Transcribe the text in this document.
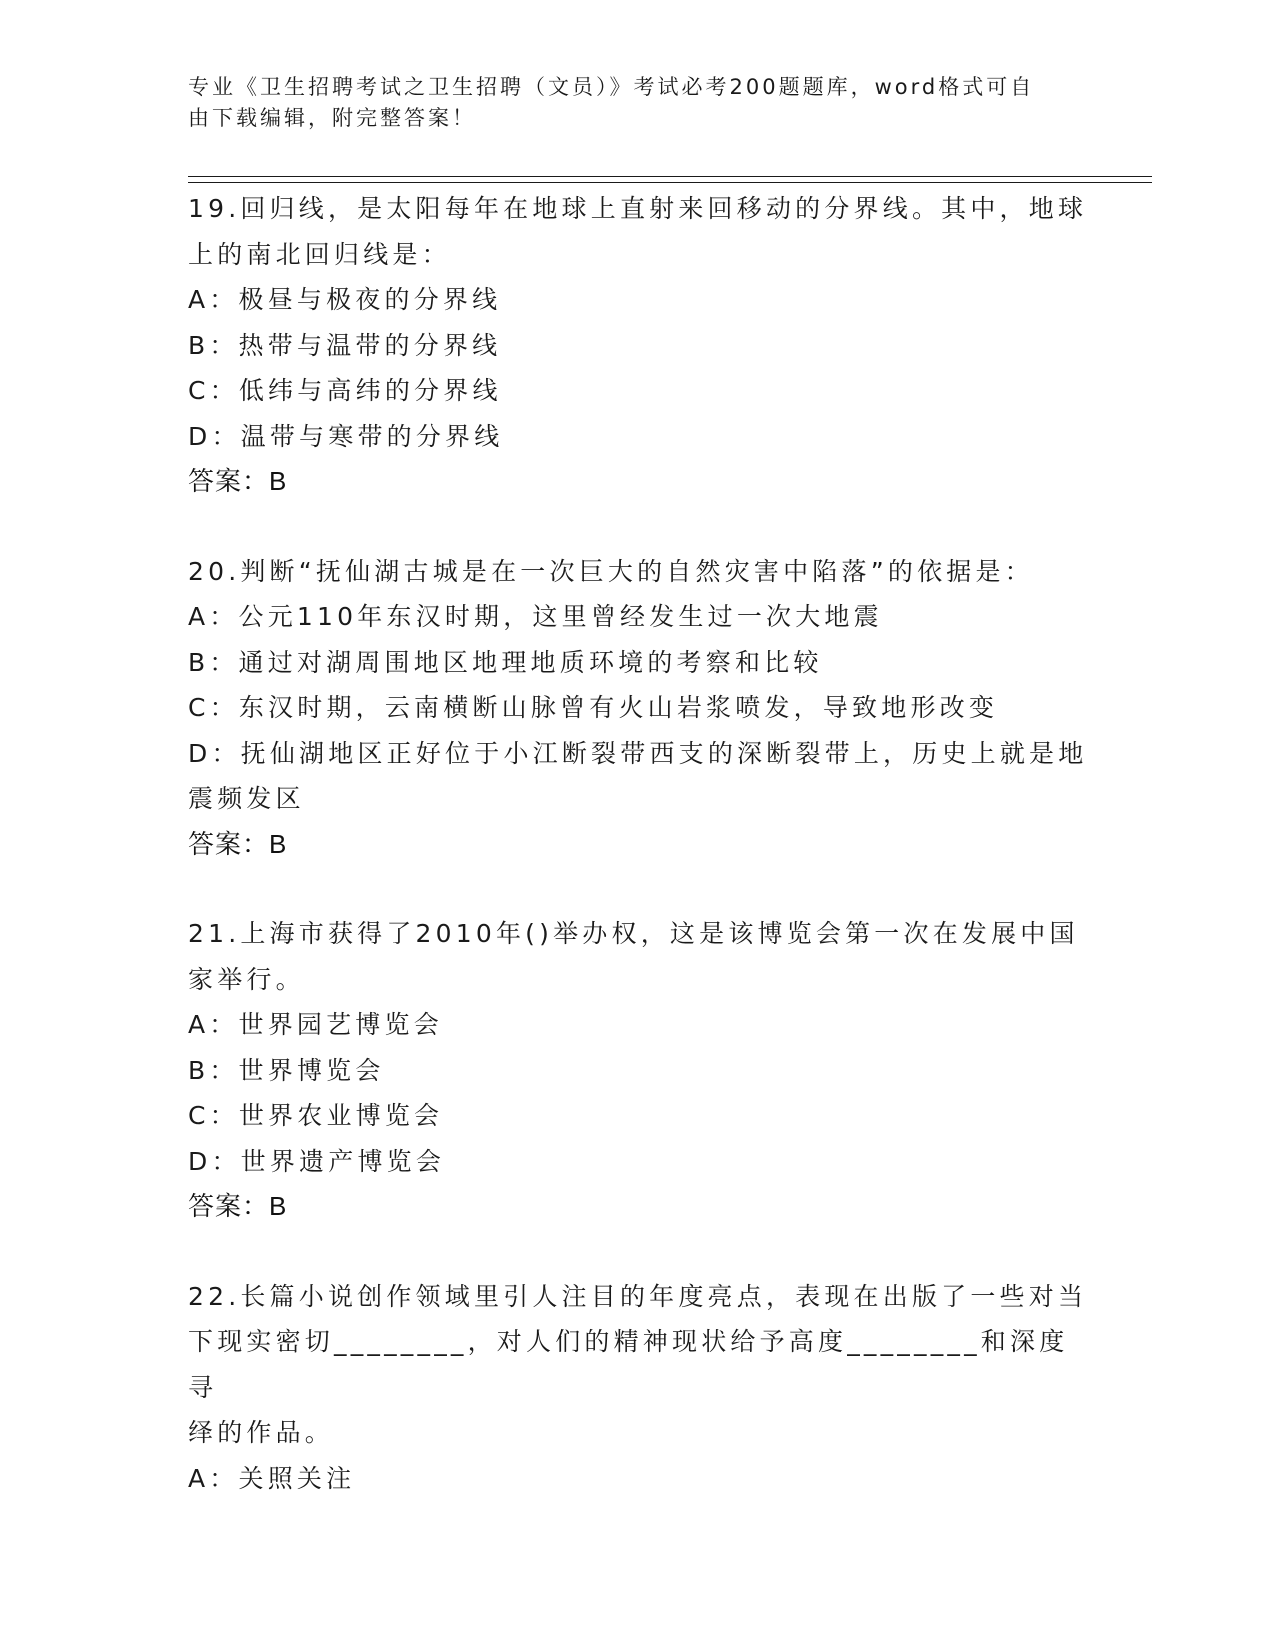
专业《卫生招聘考试之卫生招聘（文员）》考试必考200题题库，word格式可自
由下载编辑，附完整答案！
19.回归线，是太阳每年在地球上直射来回移动的分界线。其中，地球
上的南北回归线是：
A：极昼与极夜的分界线
B：热带与温带的分界线
C：低纬与高纬的分界线
D：温带与寒带的分界线
答案：B
20.判断“抚仙湖古城是在一次巨大的自然灾害中陷落”的依据是：
A：公元110年东汉时期，这里曾经发生过一次大地震
B：通过对湖周围地区地理地质环境的考察和比较
C：东汉时期，云南横断山脉曾有火山岩浆喷发，导致地形改变
D：抚仙湖地区正好位于小江断裂带西支的深断裂带上，历史上就是地
震频发区
答案：B
21.上海市获得了2010年()举办权，这是该博览会第一次在发展中国
家举行。
A：世界园艺博览会
B：世界博览会
C：世界农业博览会
D：世界遗产博览会
答案：B
22.长篇小说创作领域里引人注目的年度亮点，表现在出版了一些对当
下现实密切________，对人们的精神现状给予高度________和深度寻
绎的作品。
A：关照关注
